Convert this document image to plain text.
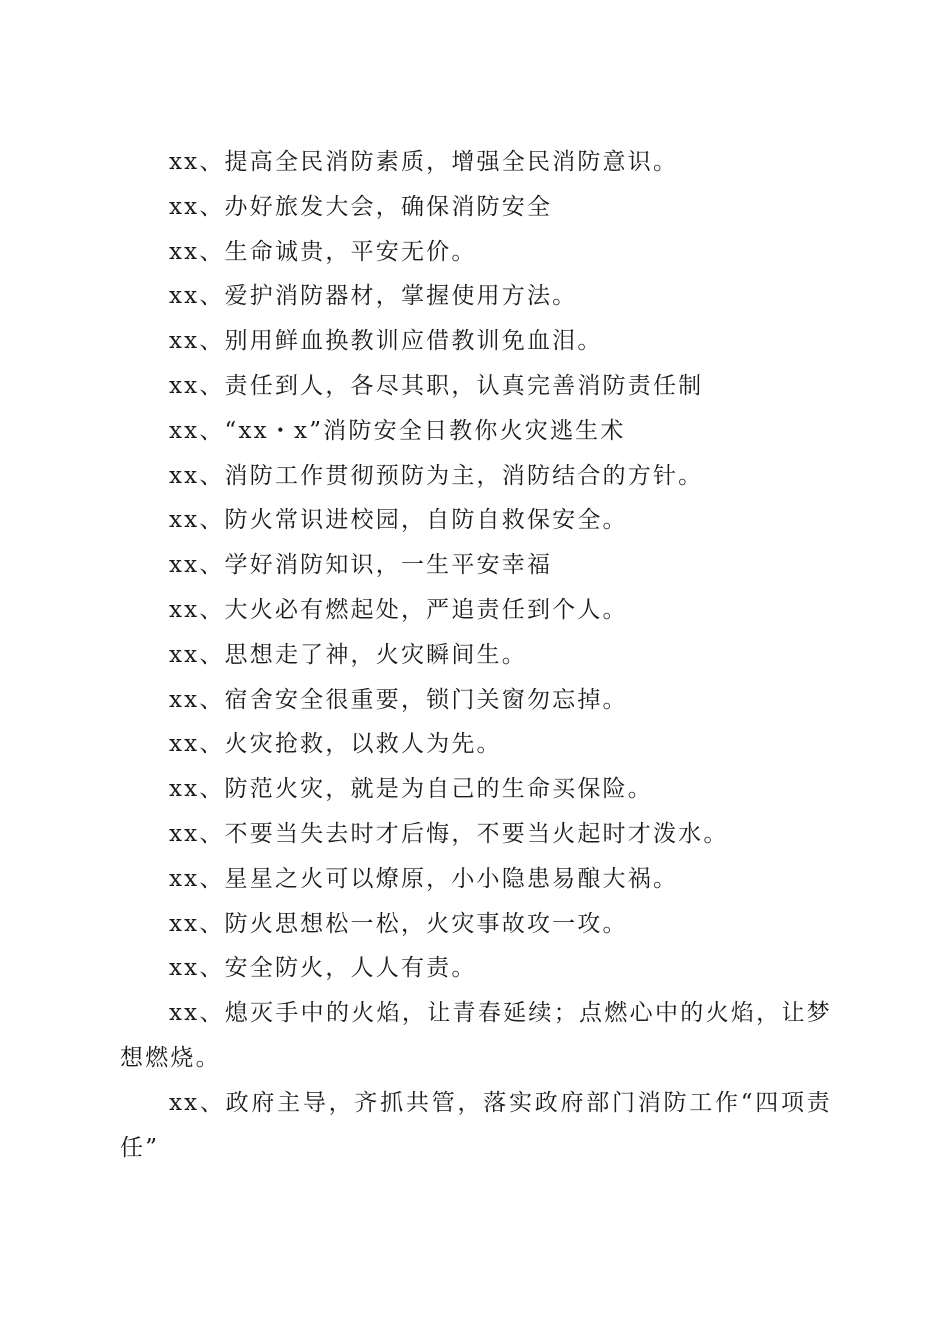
xx、提高全民消防素质，增强全民消防意识。

xx、办好旅发大会，确保消防安全

xx、生命诚贵，平安无价。

xx、爱护消防器材，掌握使用方法。

xx、别用鲜血换教训应借教训免血泪。

xx、责任到人，各尽其职，认真完善消防责任制

xx、“xx・x”消防安全日教你火灾逃生术

xx、消防工作贯彻预防为主，消防结合的方针。

xx、防火常识进校园，自防自救保安全。

xx、学好消防知识，一生平安幸福

xx、大火必有燃起处，严追责任到个人。

xx、思想走了神，火灾瞬间生。

xx、宿舍安全很重要，锁门关窗勿忘掉。

xx、火灾抢救，以救人为先。

xx、防范火灾，就是为自己的生命买保险。

xx、不要当失去时才后悔，不要当火起时才泼水。

xx、星星之火可以燎原，小小隐患易酿大祸。

xx、防火思想松一松，火灾事故攻一攻。

xx、安全防火，人人有责。

xx、熄灭手中的火焰，让青春延续；点燃心中的火焰，让梦想燃烧。

xx、政府主导，齐抓共管，落实政府部门消防工作“四项责任”
